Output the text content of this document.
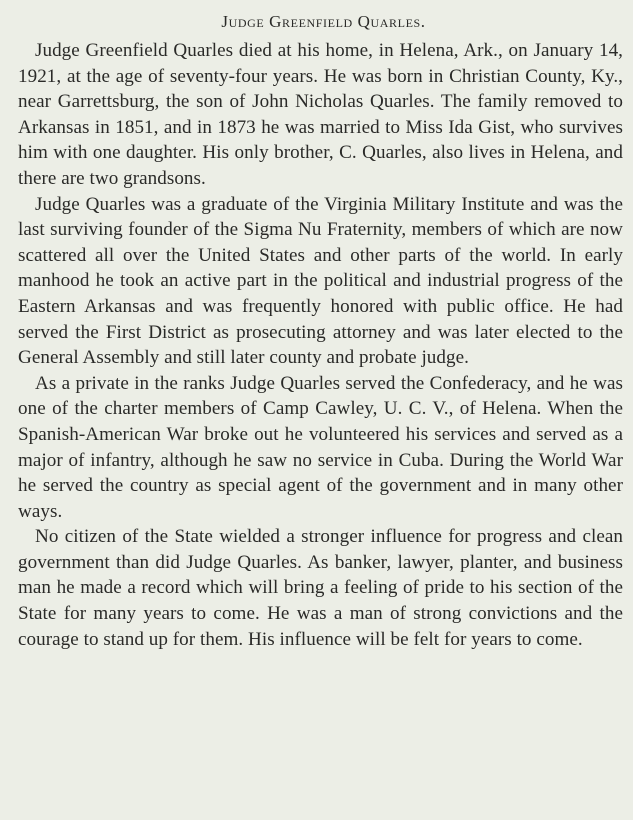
Judge Greenfield Quarles.

Judge Greenfield Quarles died at his home, in Helena, Ark., on January 14, 1921, at the age of seventy-four years. He was born in Christian County, Ky., near Garrettsburg, the son of John Nicholas Quarles. The family removed to Arkansas in 1851, and in 1873 he was married to Miss Ida Gist, who survives him with one daughter. His only brother, C. Quarles, also lives in Helena, and there are two grandsons.

Judge Quarles was a graduate of the Virginia Military Institute and was the last surviving founder of the Sigma Nu Fraternity, members of which are now scattered all over the United States and other parts of the world. In early manhood he took an active part in the political and industrial progress of the Eastern Arkansas and was frequently honored with public office. He had served the First District as prosecuting attorney and was later elected to the General Assembly and still later county and probate judge.

As a private in the ranks Judge Quarles served the Confederacy, and he was one of the charter members of Camp Cawley, U. C. V., of Helena. When the Spanish-American War broke out he volunteered his services and served as a major of infantry, although he saw no service in Cuba. During the World War he served the country as special agent of the government and in many other ways.

No citizen of the State wielded a stronger influence for progress and clean government than did Judge Quarles. As banker, lawyer, planter, and business man he made a record which will bring a feeling of pride to his section of the State for many years to come. He was a man of strong convictions and the courage to stand up for them. His influence will be felt for years to come.
